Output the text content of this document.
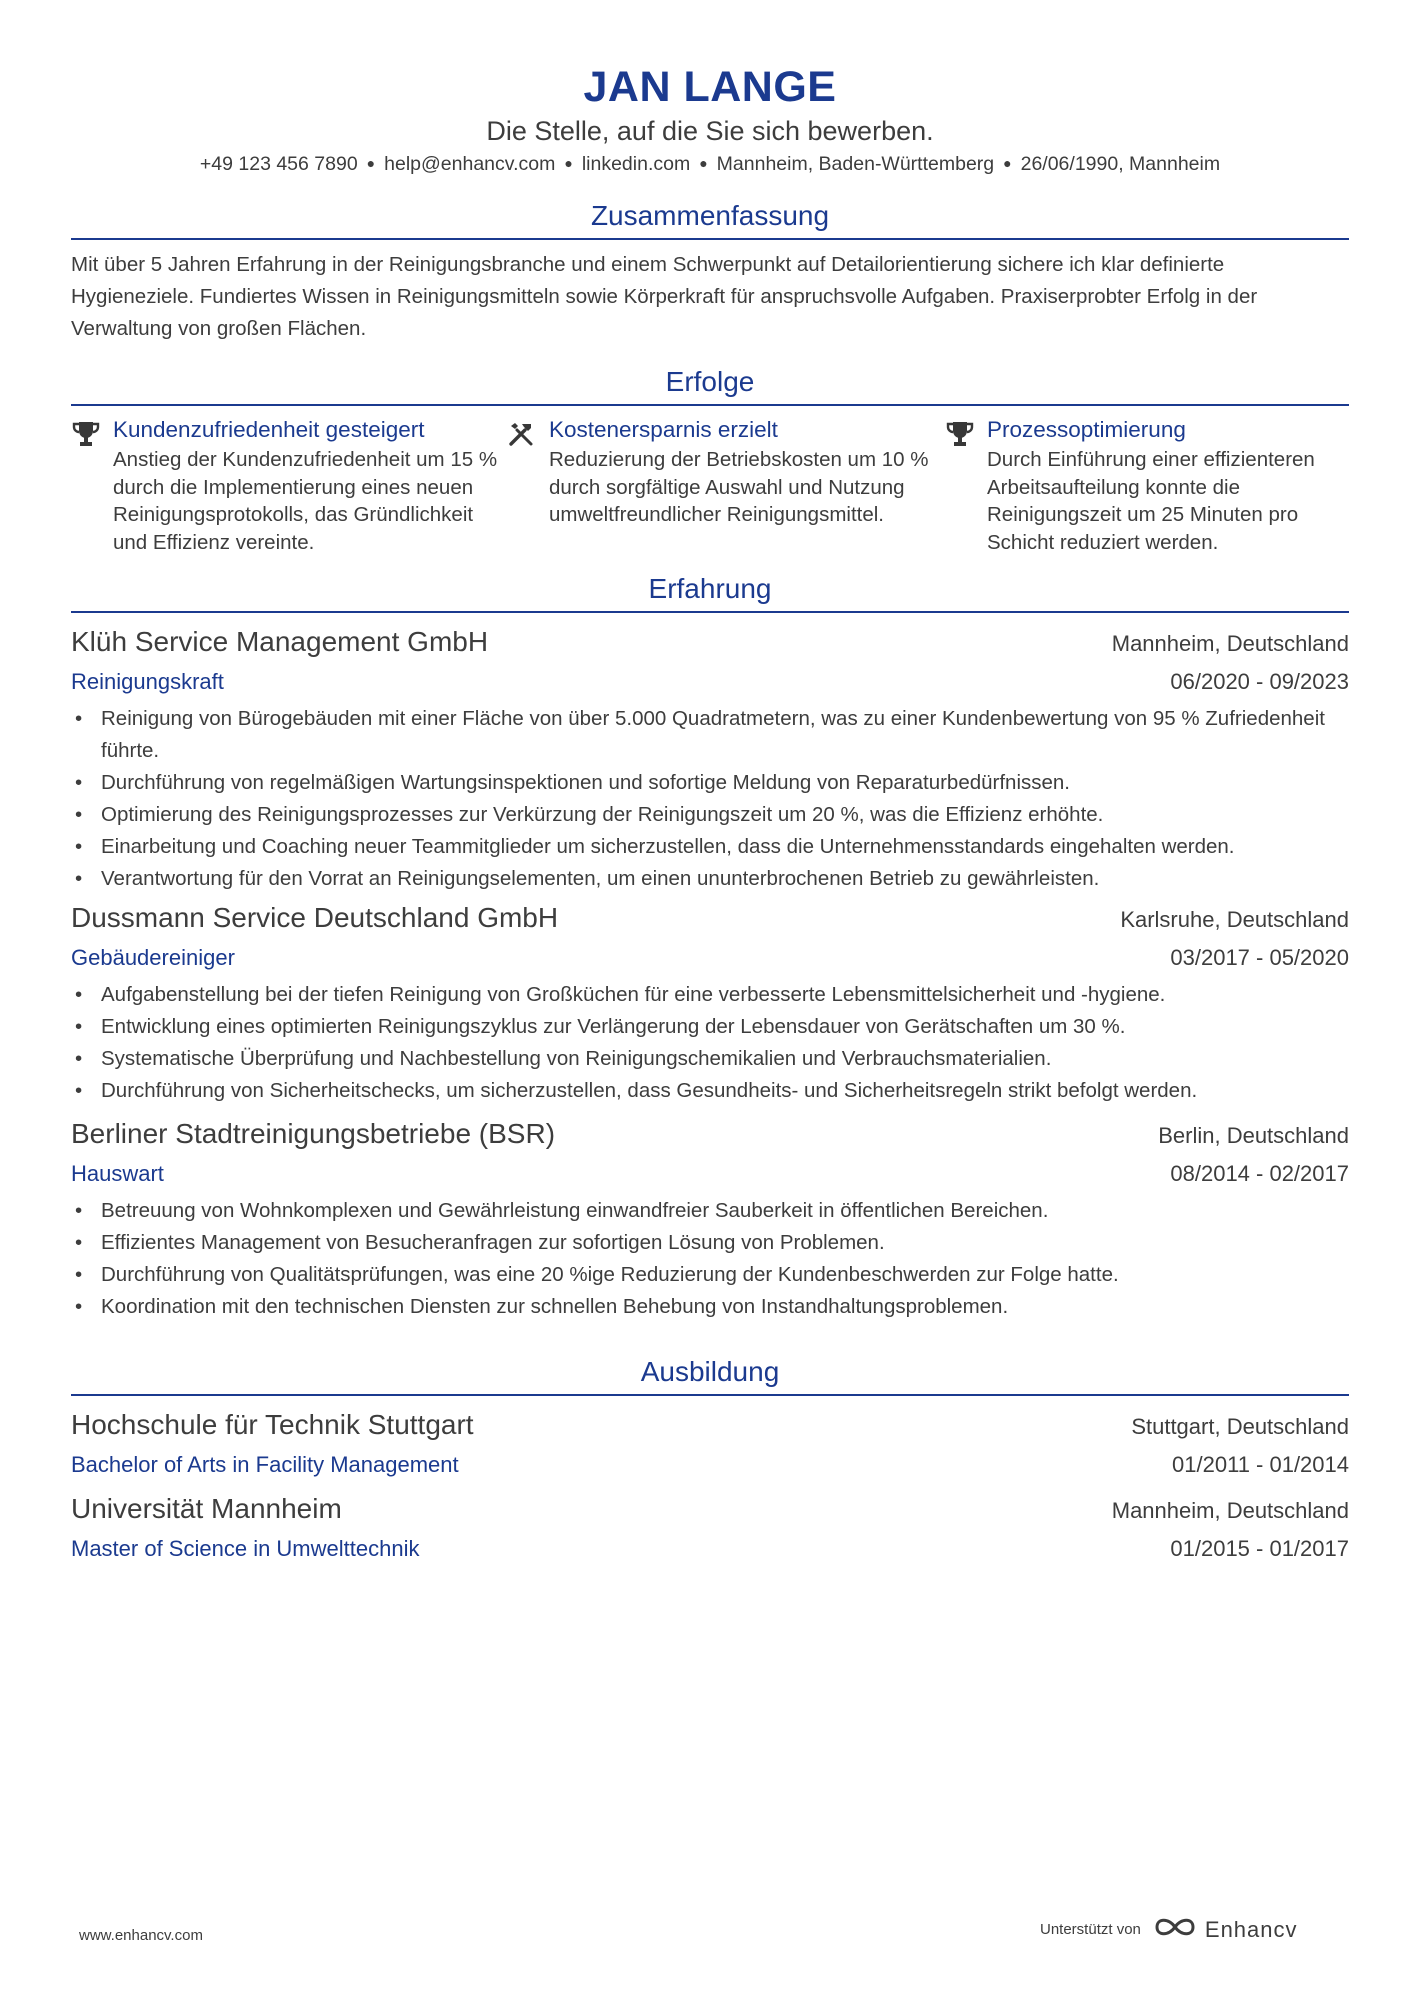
JAN LANGE
Die Stelle, auf die Sie sich bewerben.
+49 123 456 7890 ● help@enhancv.com ● linkedin.com ● Mannheim, Baden-Württemberg ● 26/06/1990, Mannheim
Zusammenfassung
Mit über 5 Jahren Erfahrung in der Reinigungsbranche und einem Schwerpunkt auf Detailorientierung sichere ich klar definierte Hygieneziele. Fundiertes Wissen in Reinigungsmitteln sowie Körperkraft für anspruchsvolle Aufgaben. Praxiserprobter Erfolg in der Verwaltung von großen Flächen.
Erfolge
Kundenzufriedenheit gesteigert
Anstieg der Kundenzufriedenheit um 15 % durch die Implementierung eines neuen Reinigungsprotokolls, das Gründlichkeit und Effizienz vereinte.
Kostenersparnis erzielt
Reduzierung der Betriebskosten um 10 % durch sorgfältige Auswahl und Nutzung umweltfreundlicher Reinigungsmittel.
Prozessoptimierung
Durch Einführung einer effizienteren Arbeitsaufteilung konnte die Reinigungszeit um 25 Minuten pro Schicht reduziert werden.
Erfahrung
Klüh Service Management GmbH	Mannheim, Deutschland
Reinigungskraft	06/2020 - 09/2023
• Reinigung von Bürogebäuden mit einer Fläche von über 5.000 Quadratmetern, was zu einer Kundenbewertung von 95 % Zufriedenheit führte.
• Durchführung von regelmäßigen Wartungsinspektionen und sofortige Meldung von Reparaturbedürfnissen.
• Optimierung des Reinigungsprozesses zur Verkürzung der Reinigungszeit um 20 %, was die Effizienz erhöhte.
• Einarbeitung und Coaching neuer Teammitglieder um sicherzustellen, dass die Unternehmensstandards eingehalten werden.
• Verantwortung für den Vorrat an Reinigungselementen, um einen ununterbrochenen Betrieb zu gewährleisten.
Dussmann Service Deutschland GmbH	Karlsruhe, Deutschland
Gebäudereiniger	03/2017 - 05/2020
• Aufgabenstellung bei der tiefen Reinigung von Großküchen für eine verbesserte Lebensmittelsicherheit und -hygiene.
• Entwicklung eines optimierten Reinigungszyklus zur Verlängerung der Lebensdauer von Gerätschaften um 30 %.
• Systematische Überprüfung und Nachbestellung von Reinigungschemikalien und Verbrauchsmaterialien.
• Durchführung von Sicherheitschecks, um sicherzustellen, dass Gesundheits- und Sicherheitsregeln strikt befolgt werden.
Berliner Stadtreinigungsbetriebe (BSR)	Berlin, Deutschland
Hauswart	08/2014 - 02/2017
• Betreuung von Wohnkomplexen und Gewährleistung einwandfreier Sauberkeit in öffentlichen Bereichen.
• Effizientes Management von Besucheranfragen zur sofortigen Lösung von Problemen.
• Durchführung von Qualitätsprüfungen, was eine 20 %ige Reduzierung der Kundenbeschwerden zur Folge hatte.
• Koordination mit den technischen Diensten zur schnellen Behebung von Instandhaltungsproblemen.
Ausbildung
Hochschule für Technik Stuttgart	Stuttgart, Deutschland
Bachelor of Arts in Facility Management	01/2011 - 01/2014
Universität Mannheim	Mannheim, Deutschland
Master of Science in Umwelttechnik	01/2015 - 01/2017
www.enhancv.com	Unterstützt von	Enhancv
